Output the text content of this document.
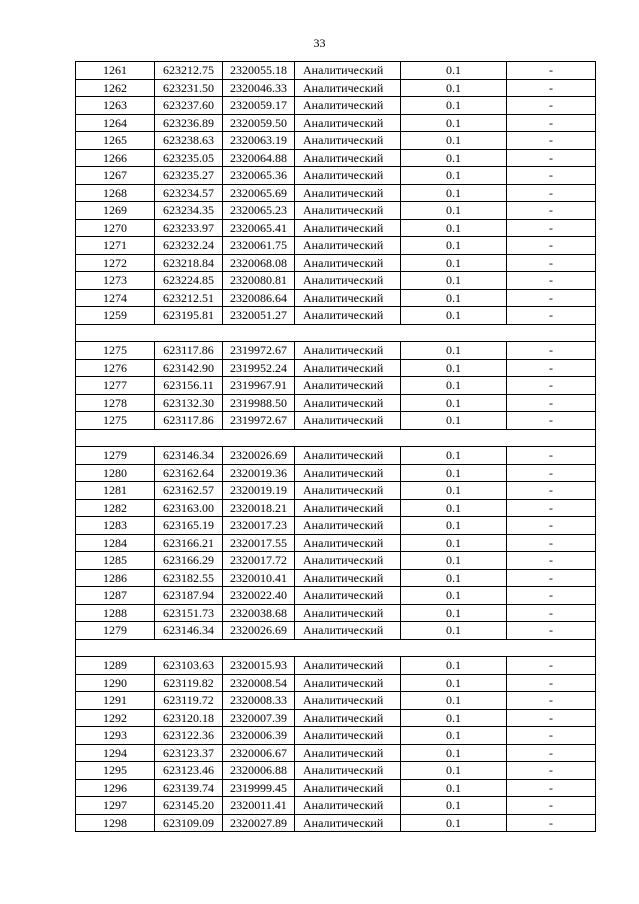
33
1261	623212.75	2320055.18	Аналитический	0.1	-
1262	623231.50	2320046.33	Аналитический	0.1	-
1263	623237.60	2320059.17	Аналитический	0.1	-
1264	623236.89	2320059.50	Аналитический	0.1	-
1265	623238.63	2320063.19	Аналитический	0.1	-
1266	623235.05	2320064.88	Аналитический	0.1	-
1267	623235.27	2320065.36	Аналитический	0.1	-
1268	623234.57	2320065.69	Аналитический	0.1	-
1269	623234.35	2320065.23	Аналитический	0.1	-
1270	623233.97	2320065.41	Аналитический	0.1	-
1271	623232.24	2320061.75	Аналитический	0.1	-
1272	623218.84	2320068.08	Аналитический	0.1	-
1273	623224.85	2320080.81	Аналитический	0.1	-
1274	623212.51	2320086.64	Аналитический	0.1	-
1259	623195.81	2320051.27	Аналитический	0.1	-

1275	623117.86	2319972.67	Аналитический	0.1	-
1276	623142.90	2319952.24	Аналитический	0.1	-
1277	623156.11	2319967.91	Аналитический	0.1	-
1278	623132.30	2319988.50	Аналитический	0.1	-
1275	623117.86	2319972.67	Аналитический	0.1	-

1279	623146.34	2320026.69	Аналитический	0.1	-
1280	623162.64	2320019.36	Аналитический	0.1	-
1281	623162.57	2320019.19	Аналитический	0.1	-
1282	623163.00	2320018.21	Аналитический	0.1	-
1283	623165.19	2320017.23	Аналитический	0.1	-
1284	623166.21	2320017.55	Аналитический	0.1	-
1285	623166.29	2320017.72	Аналитический	0.1	-
1286	623182.55	2320010.41	Аналитический	0.1	-
1287	623187.94	2320022.40	Аналитический	0.1	-
1288	623151.73	2320038.68	Аналитический	0.1	-
1279	623146.34	2320026.69	Аналитический	0.1	-

1289	623103.63	2320015.93	Аналитический	0.1	-
1290	623119.82	2320008.54	Аналитический	0.1	-
1291	623119.72	2320008.33	Аналитический	0.1	-
1292	623120.18	2320007.39	Аналитический	0.1	-
1293	623122.36	2320006.39	Аналитический	0.1	-
1294	623123.37	2320006.67	Аналитический	0.1	-
1295	623123.46	2320006.88	Аналитический	0.1	-
1296	623139.74	2319999.45	Аналитический	0.1	-
1297	623145.20	2320011.41	Аналитический	0.1	-
1298	623109.09	2320027.89	Аналитический	0.1	-
